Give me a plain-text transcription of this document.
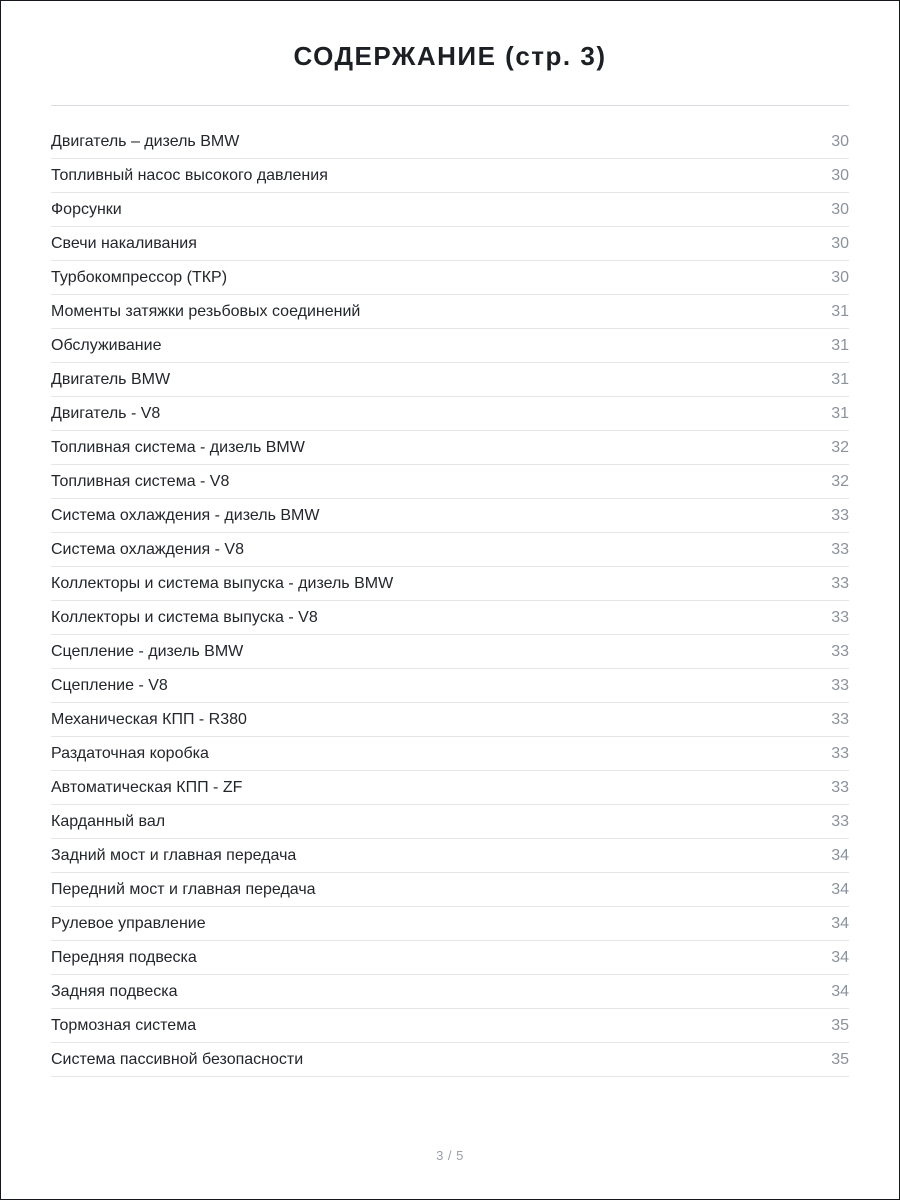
СОДЕРЖАНИЕ (стр. 3)
Двигатель – дизель BMW	30
Топливный насос высокого давления	30
Форсунки	30
Свечи накаливания	30
Турбокомпрессор (ТКР)	30
Моменты затяжки резьбовых соединений	31
Обслуживание	31
Двигатель BMW	31
Двигатель - V8	31
Топливная система - дизель BMW	32
Топливная система - V8	32
Система охлаждения - дизель BMW	33
Система охлаждения - V8	33
Коллекторы и система выпуска - дизель BMW	33
Коллекторы и система выпуска - V8	33
Сцепление - дизель BMW	33
Сцепление - V8	33
Механическая КПП - R380	33
Раздаточная коробка	33
Автоматическая КПП - ZF	33
Карданный вал	33
Задний мост и главная передача	34
Передний мост и главная передача	34
Рулевое управление	34
Передняя подвеска	34
Задняя подвеска	34
Тормозная система	35
Система пассивной безопасности	35
3 / 5
